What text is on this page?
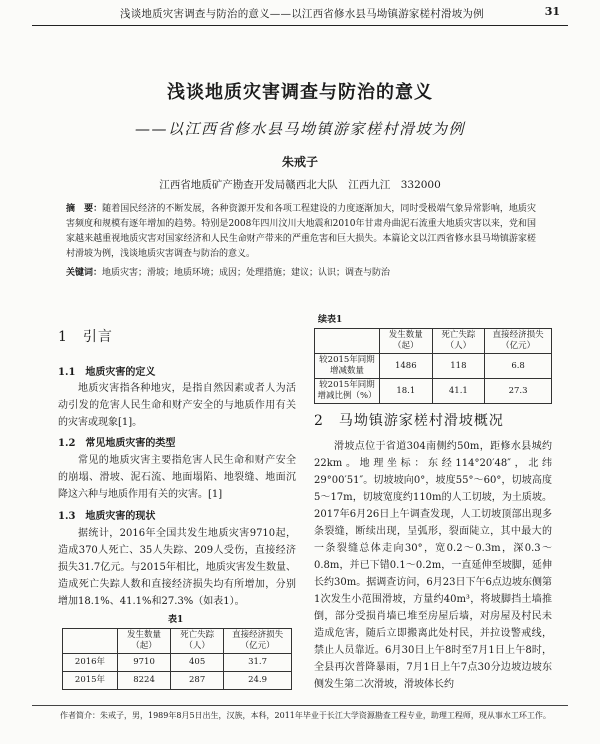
浅谈地质灾害调查与防治的意义——以江西省修水县马坳镇游家槎村滑坡为例	31
浅谈地质灾害调查与防治的意义
——以江西省修水县马坳镇游家槎村滑坡为例
朱戒子
江西省地质矿产勘查开发局赣西北大队　江西九江　332000
摘　要：随着国民经济的不断发展，各种资源开发和各项工程建设的力度逐渐加大，同时受极端气象异常影响，地质灾害频度和规模有逐年增加的趋势。特别是2008年四川汶川大地震和2010年甘肃舟曲泥石流重大地质灾害以来，党和国家越来越重视地质灾害对国家经济和人民生命财产带来的严重危害和巨大损失。本篇论文以江西省修水县马坳镇游家槎村滑坡为例，浅谈地质灾害调查与防治的意义。
关键词：地质灾害；滑坡；地质环境；成因；处理措施；建议；认识；调查与防治
1　引言
1.1　地质灾害的定义

地质灾害指各种地灾，是指自然因素或者人为活动引发的危害人民生命和财产安全的与地质作用有关的灾害或现象[1]。

1.2　常见地质灾害的类型

常见的地质灾害主要指危害人民生命和财产安全的崩塌、滑坡、泥石流、地面塌陷、地裂缝、地面沉降这六种与地质作用有关的灾害。[1]

1.3　地质灾害的现状

据统计，2016年全国共发生地质灾害9710起，造成370人死亡、35人失踪、209人受伤，直接经济损失31.7亿元。与2015年相比，地质灾害发生数量、造成死亡失踪人数和直接经济损失均有所增加，分别增加18.1%、41.1%和27.3%（如表1）。

表1
	发生数量（起）	死亡失踪（人）	直接经济损失（亿元）
2016年	9710	405	31.7
2015年	8224	287	24.9
续表1
	发生数量（起）	死亡失踪（人）	直接经济损失（亿元）
较2015年同期增减数量	1486	118	6.8
较2015年同期增减比例（%）	18.1	41.1	27.3
2　马坳镇游家槎村滑坡概况

滑坡点位于省道304南侧约50m，距修水县城约22km。地理坐标：东经114°20′48″，北纬29°00′51″。切坡坡向0°，坡度55°～60°，切坡高度5～17m，切坡宽度约110m的人工切坡，为土质坡。2017年6月26日上午调查发现，人工切坡顶部出现多条裂缝，断续出现，呈弧形，裂面陡立，其中最大的一条裂缝总体走向30°，宽0.2～0.3m，深0.3～0.8m，并已下错0.1～0.2m，一直延伸至坡脚，延伸长约30m。据调查访问，6月23日下午6点边坡东侧第1次发生小范围滑坡，方量约40m³，将坡脚挡土墙推倒，部分受损肖墙已堆至房屋后墙，对房屋及村民未造成危害，随后立即搬离此处村民，并拉设警戒线，禁止人员靠近。6月30日上午8时至7月1日上午8时，全县再次普降暴雨，7月1日上午7点30分边坡边坡东侧发生第二次滑坡，滑坡体长约

作者简介：朱戒子，男，1989年8月5日出生，汉族，本科，2011年毕业于长江大学资源勘查工程专业，助理工程师，现从事水工环工作。
